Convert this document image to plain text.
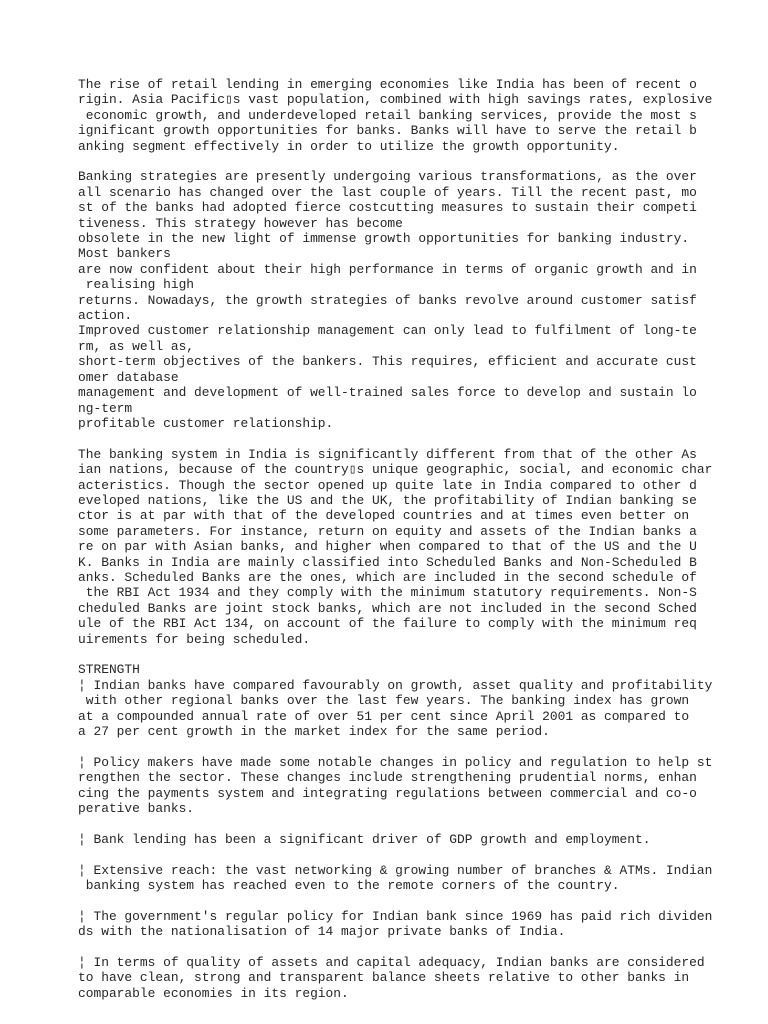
The rise of retail lending in emerging economies like India has been of recent o
rigin. Asia Pacific▯s vast population, combined with high savings rates, explosive
economic growth, and underdeveloped retail banking services, provide the most s
ignificant growth opportunities for banks. Banks will have to serve the retail b
anking segment effectively in order to utilize the growth opportunity.
Banking strategies are presently undergoing various transformations, as the over
all scenario has changed over the last couple of years. Till the recent past, mo
st of the banks had adopted fierce costcutting measures to sustain their competi
tiveness. This strategy however has become
obsolete in the new light of immense growth opportunities for banking industry.
Most bankers
are now confident about their high performance in terms of organic growth and in
realising high
returns. Nowadays, the growth strategies of banks revolve around customer satisf
action.
Improved customer relationship management can only lead to fulfilment of long-te
rm, as well as,
short-term objectives of the bankers. This requires, efficient and accurate cust
omer database
management and development of well-trained sales force to develop and sustain lo
ng-term
profitable customer relationship.
The banking system in India is significantly different from that of the other As
ian nations, because of the country▯s unique geographic, social, and economic char
acteristics. Though the sector opened up quite late in India compared to other d
eveloped nations, like the US and the UK, the profitability of Indian banking se
ctor is at par with that of the developed countries and at times even better on
some parameters. For instance, return on equity and assets of the Indian banks a
re on par with Asian banks, and higher when compared to that of the US and the U
K. Banks in India are mainly classified into Scheduled Banks and Non-Scheduled B
anks. Scheduled Banks are the ones, which are included in the second schedule of
the RBI Act 1934 and they comply with the minimum statutory requirements. Non-S
cheduled Banks are joint stock banks, which are not included in the second Sched
ule of the RBI Act 134, on account of the failure to comply with the minimum req
uirements for being scheduled.
STRENGTH
¦ Indian banks have compared favourably on growth, asset quality and profitability
with other regional banks over the last few years. The banking index has grown
at a compounded annual rate of over 51 per cent since April 2001 as compared to
a 27 per cent growth in the market index for the same period.
¦ Policy makers have made some notable changes in policy and regulation to help st
rengthen the sector. These changes include strengthening prudential norms, enhan
cing the payments system and integrating regulations between commercial and co-o
perative banks.
¦ Bank lending has been a significant driver of GDP growth and employment.
¦ Extensive reach: the vast networking & growing number of branches & ATMs. Indian
banking system has reached even to the remote corners of the country.
¦ The government's regular policy for Indian bank since 1969 has paid rich dividen
ds with the nationalisation of 14 major private banks of India.
¦ In terms of quality of assets and capital adequacy, Indian banks are considered
to have clean, strong and transparent balance sheets relative to other banks in
comparable economies in its region.
